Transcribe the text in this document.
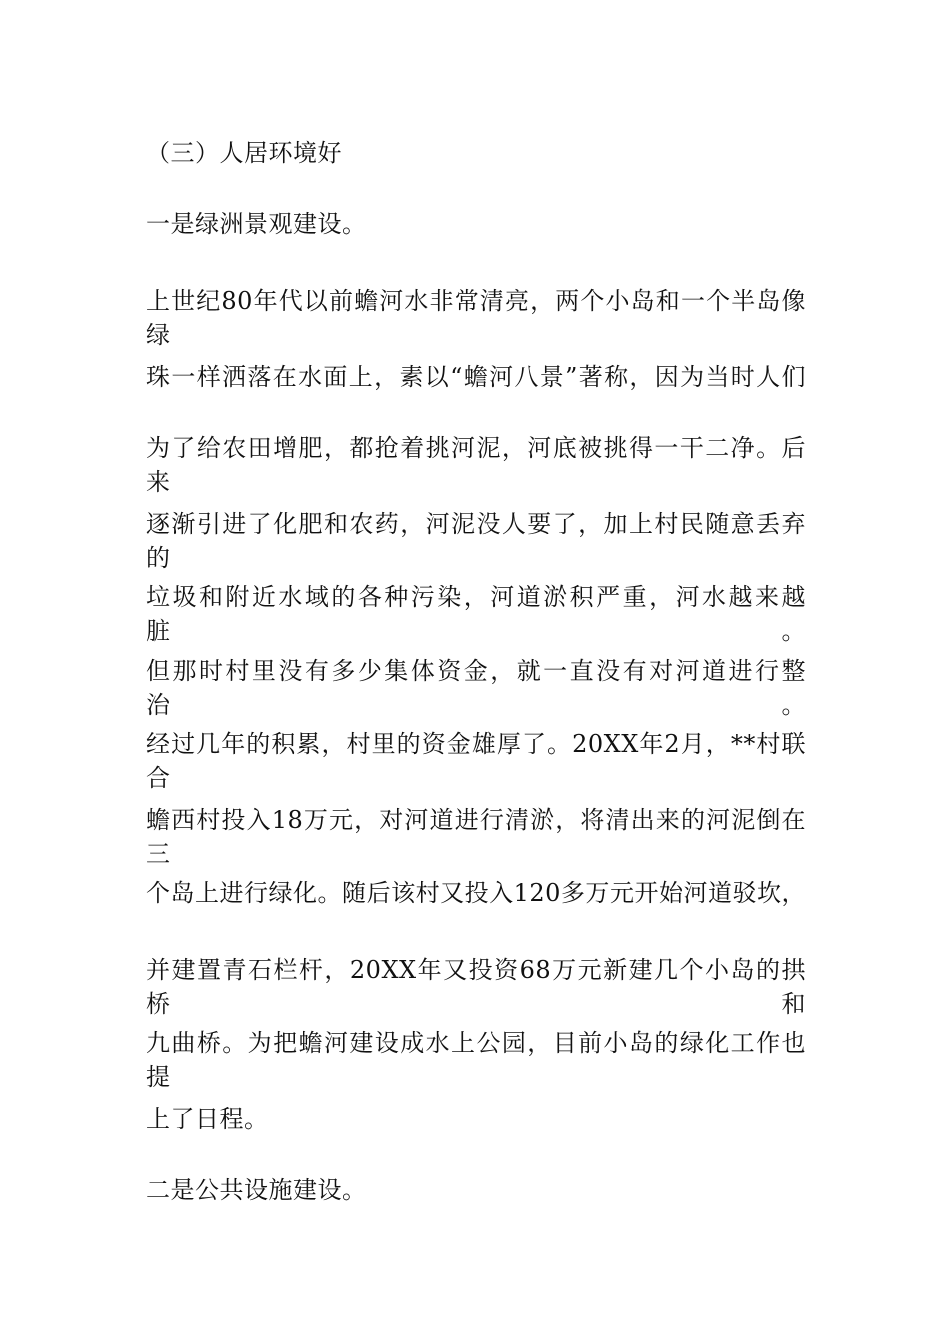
（三）人居环境好
一是绿洲景观建设。
上世纪80年代以前蟾河水非常清亮，两个小岛和一个半岛像绿
珠一样洒落在水面上，素以“蟾河八景”著称，因为当时人们
为了给农田增肥，都抢着挑河泥，河底被挑得一干二净。后来
逐渐引进了化肥和农药，河泥没人要了，加上村民随意丢弃的
垃圾和附近水域的各种污染，河道淤积严重，河水越来越脏。
但那时村里没有多少集体资金，就一直没有对河道进行整治。
经过几年的积累，村里的资金雄厚了。20XX年2月，**村联合
蟾西村投入18万元，对河道进行清淤，将清出来的河泥倒在三
个岛上进行绿化。随后该村又投入120多万元开始河道驳坎，
并建置青石栏杆，20XX年又投资68万元新建几个小岛的拱桥和
九曲桥。为把蟾河建设成水上公园，目前小岛的绿化工作也提
上了日程。
二是公共设施建设。
